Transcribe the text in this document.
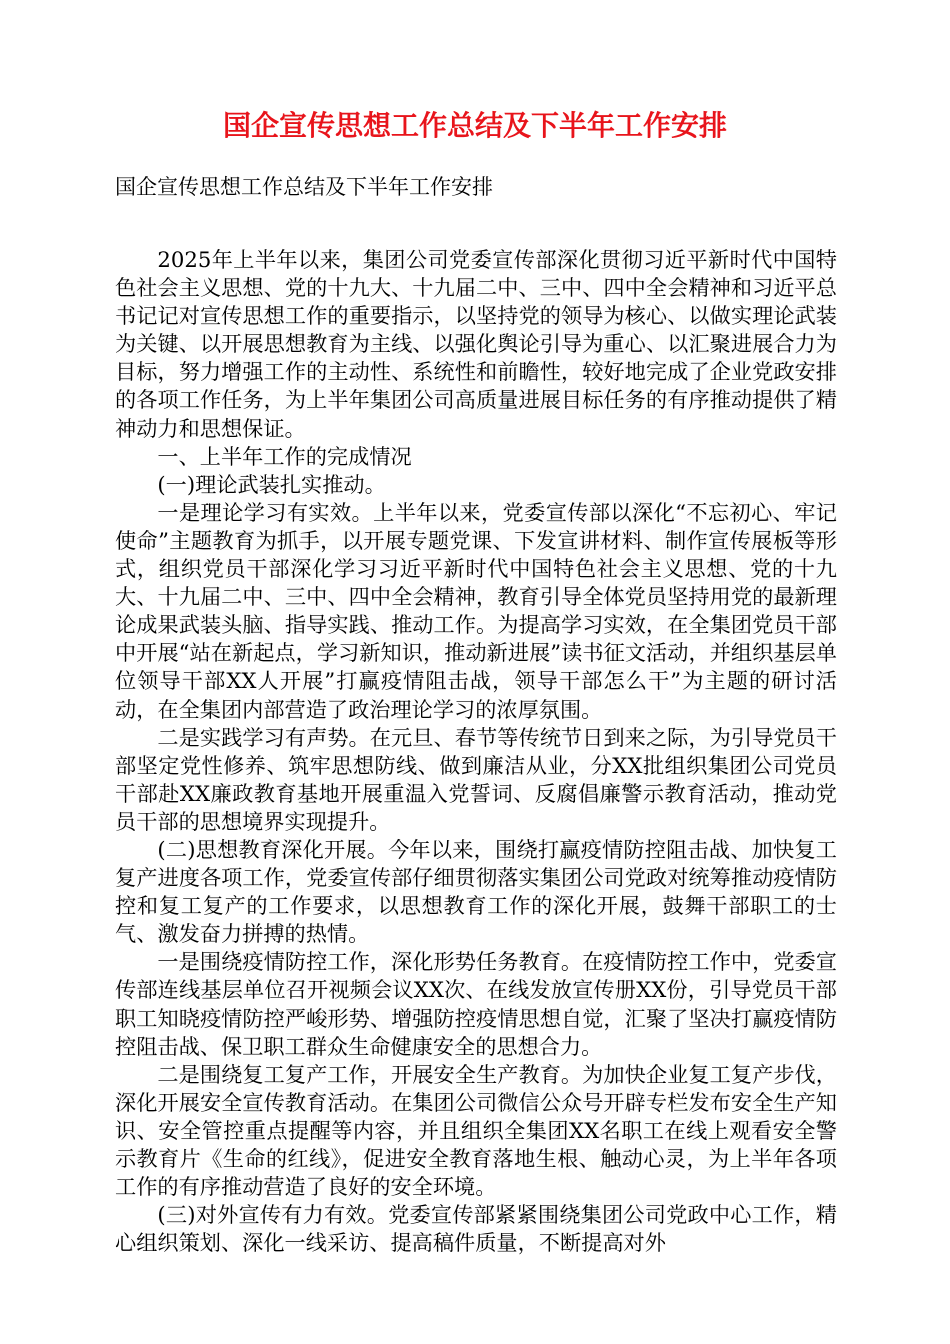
国企宣传思想工作总结及下半年工作安排
国企宣传思想工作总结及下半年工作安排

2025年上半年以来，集团公司党委宣传部深化贯彻习近平新时代中国特色社会主义思想、党的十九大、十九届二中、三中、四中全会精神和习近平总书记记对宣传思想工作的重要指示，以坚持党的领导为核心、以做实理论武装为关键、以开展思想教育为主线、以强化舆论引导为重心、以汇聚进展合力为目标，努力增强工作的主动性、系统性和前瞻性，较好地完成了企业党政安排的各项工作任务，为上半年集团公司高质量进展目标任务的有序推动提供了精神动力和思想保证。

一、上半年工作的完成情况

(一)理论武装扎实推动。

一是理论学习有实效。上半年以来，党委宣传部以深化“不忘初心、牢记使命”主题教育为抓手，以开展专题党课、下发宣讲材料、制作宣传展板等形式，组织党员干部深化学习习近平新时代中国特色社会主义思想、党的十九大、十九届二中、三中、四中全会精神，教育引导全体党员坚持用党的最新理论成果武装头脑、指导实践、推动工作。为提高学习实效，在全集团党员干部中开展“站在新起点，学习新知识，推动新进展”读书征文活动，并组织基层单位领导干部XX人开展”打赢疫情阻击战，领导干部怎么干”为主题的研讨活动，在全集团内部营造了政治理论学习的浓厚氛围。

二是实践学习有声势。在元旦、春节等传统节日到来之际，为引导党员干部坚定党性修养、筑牢思想防线、做到廉洁从业，分XX批组织集团公司党员干部赴XX廉政教育基地开展重温入党誓词、反腐倡廉警示教育活动，推动党员干部的思想境界实现提升。

(二)思想教育深化开展。今年以来，围绕打赢疫情防控阻击战、加快复工复产进度各项工作，党委宣传部仔细贯彻落实集团公司党政对统筹推动疫情防控和复工复产的工作要求，以思想教育工作的深化开展，鼓舞干部职工的士气、激发奋力拼搏的热情。

一是围绕疫情防控工作，深化形势任务教育。在疫情防控工作中，党委宣传部连线基层单位召开视频会议XX次、在线发放宣传册XX份，引导党员干部职工知晓疫情防控严峻形势、增强防控疫情思想自觉，汇聚了坚决打赢疫情防控阻击战、保卫职工群众生命健康安全的思想合力。

二是围绕复工复产工作，开展安全生产教育。为加快企业复工复产步伐，深化开展安全宣传教育活动。在集团公司微信公众号开辟专栏发布安全生产知识、安全管控重点提醒等内容，并且组织全集团XX名职工在线上观看安全警示教育片《生命的红线》，促进安全教育落地生根、触动心灵，为上半年各项工作的有序推动营造了良好的安全环境。

(三)对外宣传有力有效。党委宣传部紧紧围绕集团公司党政中心工作，精心组织策划、深化一线采访、提高稿件质量，不断提高对外
